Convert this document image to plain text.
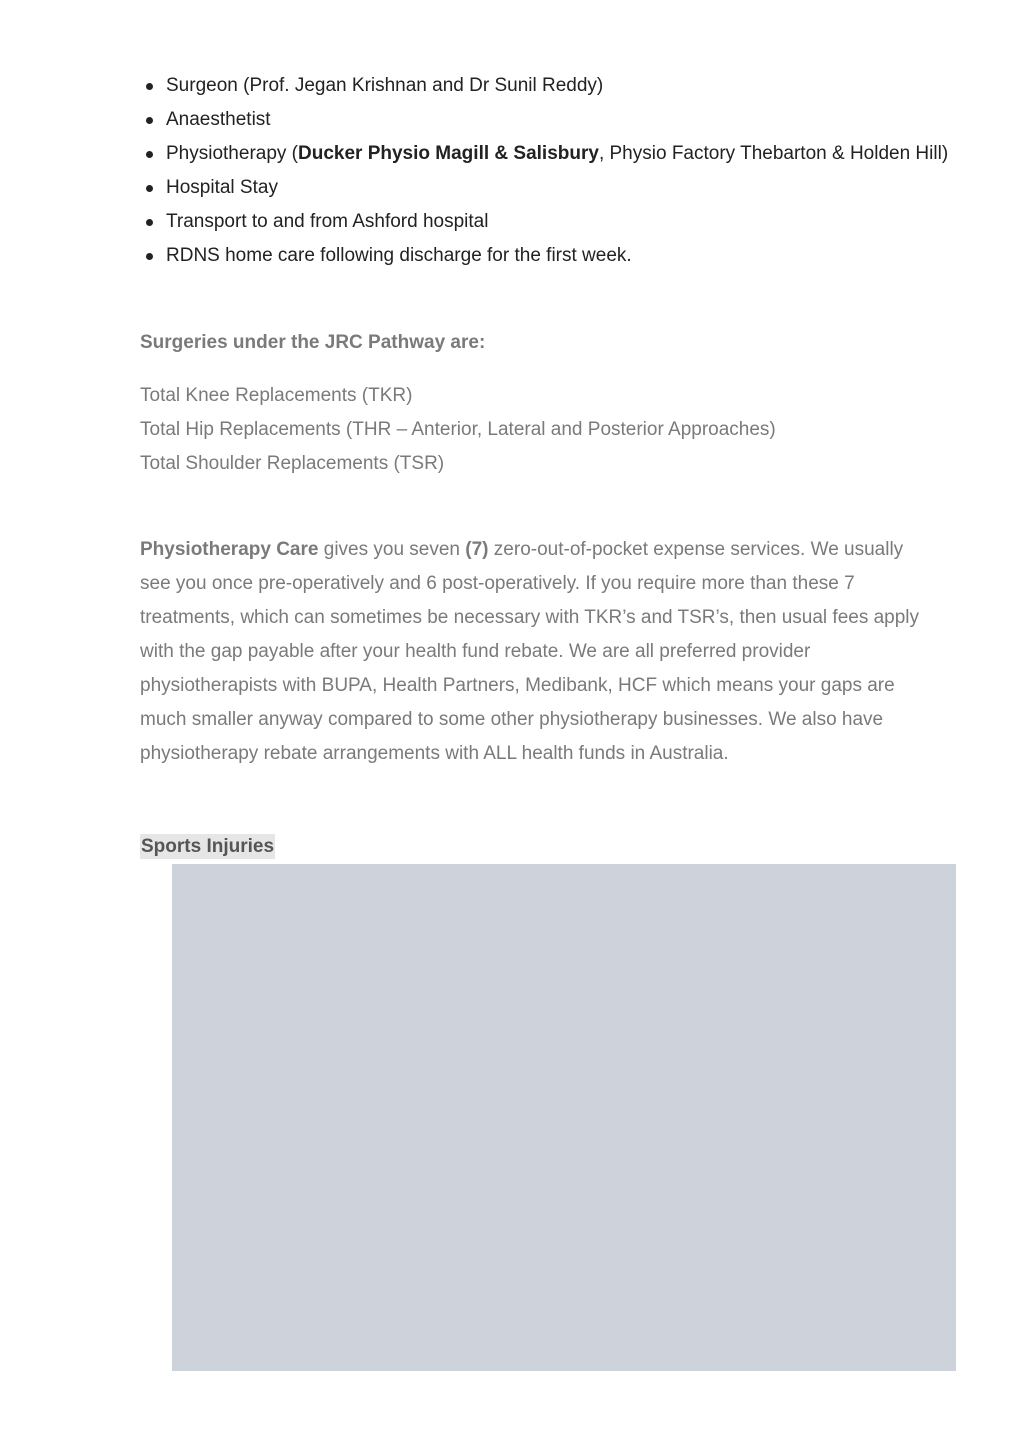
Surgeon (Prof. Jegan Krishnan and Dr Sunil Reddy)
Anaesthetist
Physiotherapy (Ducker Physio Magill & Salisbury, Physio Factory Thebarton & Holden Hill)
Hospital Stay
Transport to and from Ashford hospital
RDNS home care following discharge for the first week.
Surgeries under the JRC Pathway are:
Total Knee Replacements (TKR)
Total Hip Replacements (THR – Anterior, Lateral and Posterior Approaches)
Total Shoulder Replacements (TSR)

Physiotherapy Care gives you seven (7) zero-out-of-pocket expense services. We usually see you once pre-operatively and 6 post-operatively. If you require more than these 7 treatments, which can sometimes be necessary with TKR’s and TSR’s, then usual fees apply with the gap payable after your health fund rebate. We are all preferred provider physiotherapists with BUPA, Health Partners, Medibank, HCF which means your gaps are much smaller anyway compared to some other physiotherapy businesses. We also have physiotherapy rebate arrangements with ALL health funds in Australia.

Sports Injuries
